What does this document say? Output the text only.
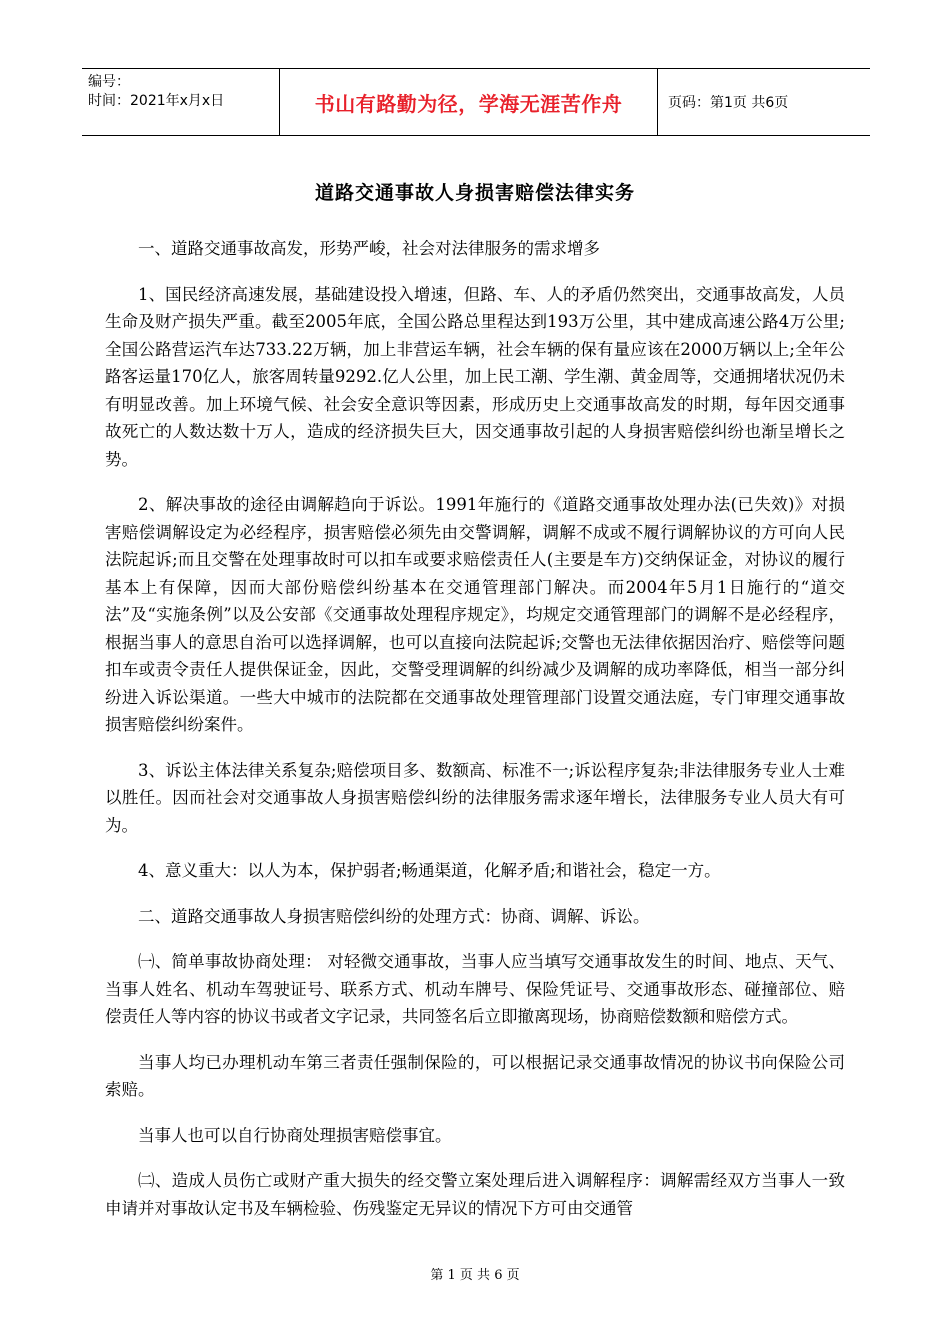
编号：
时间：2021年x月x日	书山有路勤为径，学海无涯苦作舟	页码：第1页 共6页
道路交通事故人身损害赔偿法律实务

一、道路交通事故高发，形势严峻，社会对法律服务的需求增多

1、国民经济高速发展，基础建设投入增速，但路、车、人的矛盾仍然突出，交通事故高发，人员生命及财产损失严重。截至2005年底，全国公路总里程达到193万公里，其中建成高速公路4万公里;全国公路营运汽车达733.22万辆，加上非营运车辆，社会车辆的保有量应该在2000万辆以上;全年公路客运量170亿人，旅客周转量9292.亿人公里，加上民工潮、学生潮、黄金周等，交通拥堵状况仍未有明显改善。加上环境气候、社会安全意识等因素，形成历史上交通事故高发的时期，每年因交通事故死亡的人数达数十万人，造成的经济损失巨大，因交通事故引起的人身损害赔偿纠纷也渐呈增长之势。

2、解决事故的途径由调解趋向于诉讼。1991年施行的《道路交通事故处理办法(已失效)》对损害赔偿调解设定为必经程序，损害赔偿必须先由交警调解，调解不成或不履行调解协议的方可向人民法院起诉;而且交警在处理事故时可以扣车或要求赔偿责任人(主要是车方)交纳保证金，对协议的履行基本上有保障，因而大部份赔偿纠纷基本在交通管理部门解决。而2004年5月1日施行的“道交法”及“实施条例”以及公安部《交通事故处理程序规定》，均规定交通管理部门的调解不是必经程序，根据当事人的意思自治可以选择调解，也可以直接向法院起诉;交警也无法律依据因治疗、赔偿等问题扣车或责令责任人提供保证金，因此，交警受理调解的纠纷减少及调解的成功率降低，相当一部分纠纷进入诉讼渠道。一些大中城市的法院都在交通事故处理管理部门设置交通法庭，专门审理交通事故损害赔偿纠纷案件。

3、诉讼主体法律关系复杂;赔偿项目多、数额高、标准不一;诉讼程序复杂;非法律服务专业人士难以胜任。因而社会对交通事故人身损害赔偿纠纷的法律服务需求逐年增长，法律服务专业人员大有可为。

4、意义重大：以人为本，保护弱者;畅通渠道，化解矛盾;和谐社会，稳定一方。

二、道路交通事故人身损害赔偿纠纷的处理方式：协商、调解、诉讼。

㈠、简单事故协商处理： 对轻微交通事故，当事人应当填写交通事故发生的时间、地点、天气、当事人姓名、机动车驾驶证号、联系方式、机动车牌号、保险凭证号、交通事故形态、碰撞部位、赔偿责任人等内容的协议书或者文字记录，共同签名后立即撤离现场，协商赔偿数额和赔偿方式。

当事人均已办理机动车第三者责任强制保险的，可以根据记录交通事故情况的协议书向保险公司索赔。

当事人也可以自行协商处理损害赔偿事宜。

㈡、造成人员伤亡或财产重大损失的经交警立案处理后进入调解程序：调解需经双方当事人一致申请并对事故认定书及车辆检验、伤残鉴定无异议的情况下方可由交通管

第 1 页 共 6 页
